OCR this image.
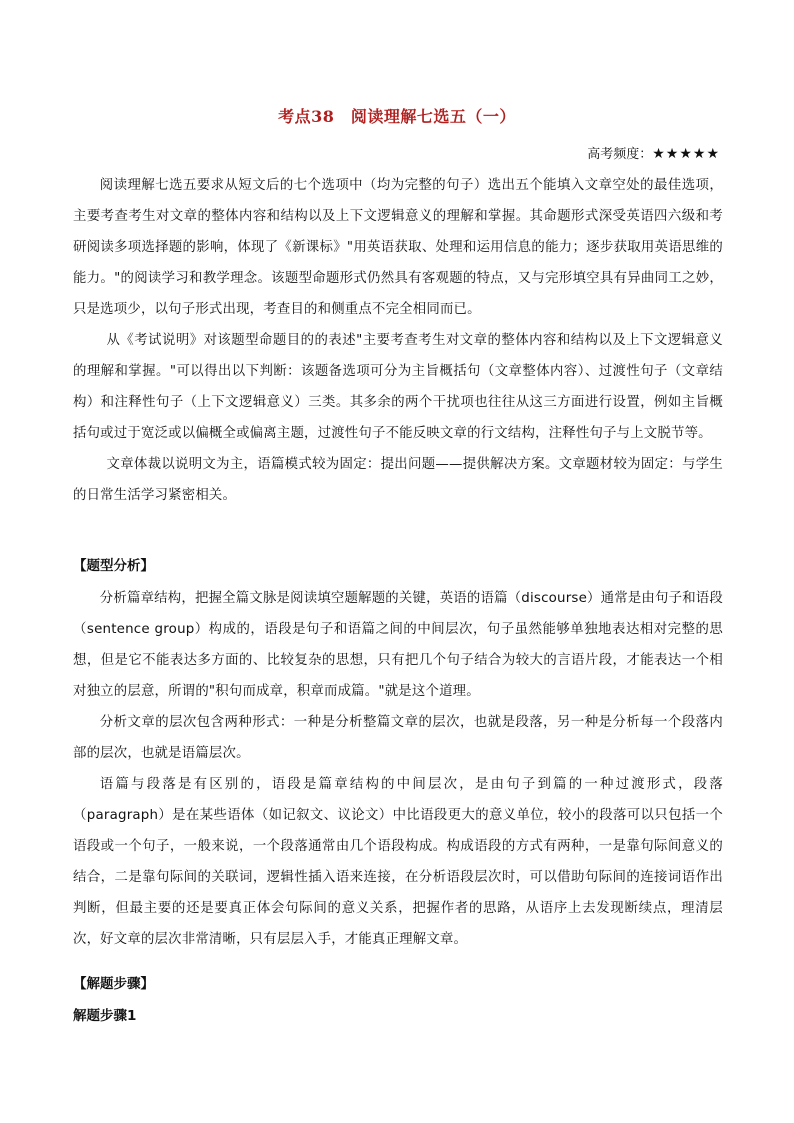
考点38　阅读理解七选五（一）
高考频度：★★★★★

阅读理解七选五要求从短文后的七个选项中（均为完整的句子）选出五个能填入文章空处的最佳选项，主要考查考生对文章的整体内容和结构以及上下文逻辑意义的理解和掌握。其命题形式深受英语四六级和考研阅读多项选择题的影响，体现了《新课标》"用英语获取、处理和运用信息的能力；逐步获取用英语思维的能力。"的阅读学习和教学理念。该题型命题形式仍然具有客观题的特点，又与完形填空具有异曲同工之妙，只是选项少，以句子形式出现，考查目的和侧重点不完全相同而已。

从《考试说明》对该题型命题目的的表述"主要考查考生对文章的整体内容和结构以及上下文逻辑意义的理解和掌握。"可以得出以下判断：该题备选项可分为主旨概括句（文章整体内容）、过渡性句子（文章结构）和注释性句子（上下文逻辑意义）三类。其多余的两个干扰项也往往从这三方面进行设置，例如主旨概括句或过于宽泛或以偏概全或偏离主题，过渡性句子不能反映文章的行文结构，注释性句子与上文脱节等。

文章体裁以说明文为主，语篇模式较为固定：提出问题——提供解决方案。文章题材较为固定：与学生的日常生活学习紧密相关。

【题型分析】

分析篇章结构，把握全篇文脉是阅读填空题解题的关键，英语的语篇（discourse）通常是由句子和语段（sentence group）构成的，语段是句子和语篇之间的中间层次，句子虽然能够单独地表达相对完整的思想，但是它不能表达多方面的、比较复杂的思想，只有把几个句子结合为较大的言语片段，才能表达一个相对独立的层意，所谓的"积句而成章，积章而成篇。"就是这个道理。

分析文章的层次包含两种形式：一种是分析整篇文章的层次，也就是段落，另一种是分析每一个段落内部的层次，也就是语篇层次。

语篇与段落是有区别的，语段是篇章结构的中间层次，是由句子到篇的一种过渡形式，段落（paragraph）是在某些语体（如记叙文、议论文）中比语段更大的意义单位，较小的段落可以只包括一个语段或一个句子，一般来说，一个段落通常由几个语段构成。构成语段的方式有两种，一是靠句际间意义的结合，二是靠句际间的关联词，逻辑性插入语来连接，在分析语段层次时，可以借助句际间的连接词语作出判断，但最主要的还是要真正体会句际间的意义关系，把握作者的思路，从语序上去发现断续点，理清层次，好文章的层次非常清晰，只有层层入手，才能真正理解文章。

【解题步骤】
解题步骤1
